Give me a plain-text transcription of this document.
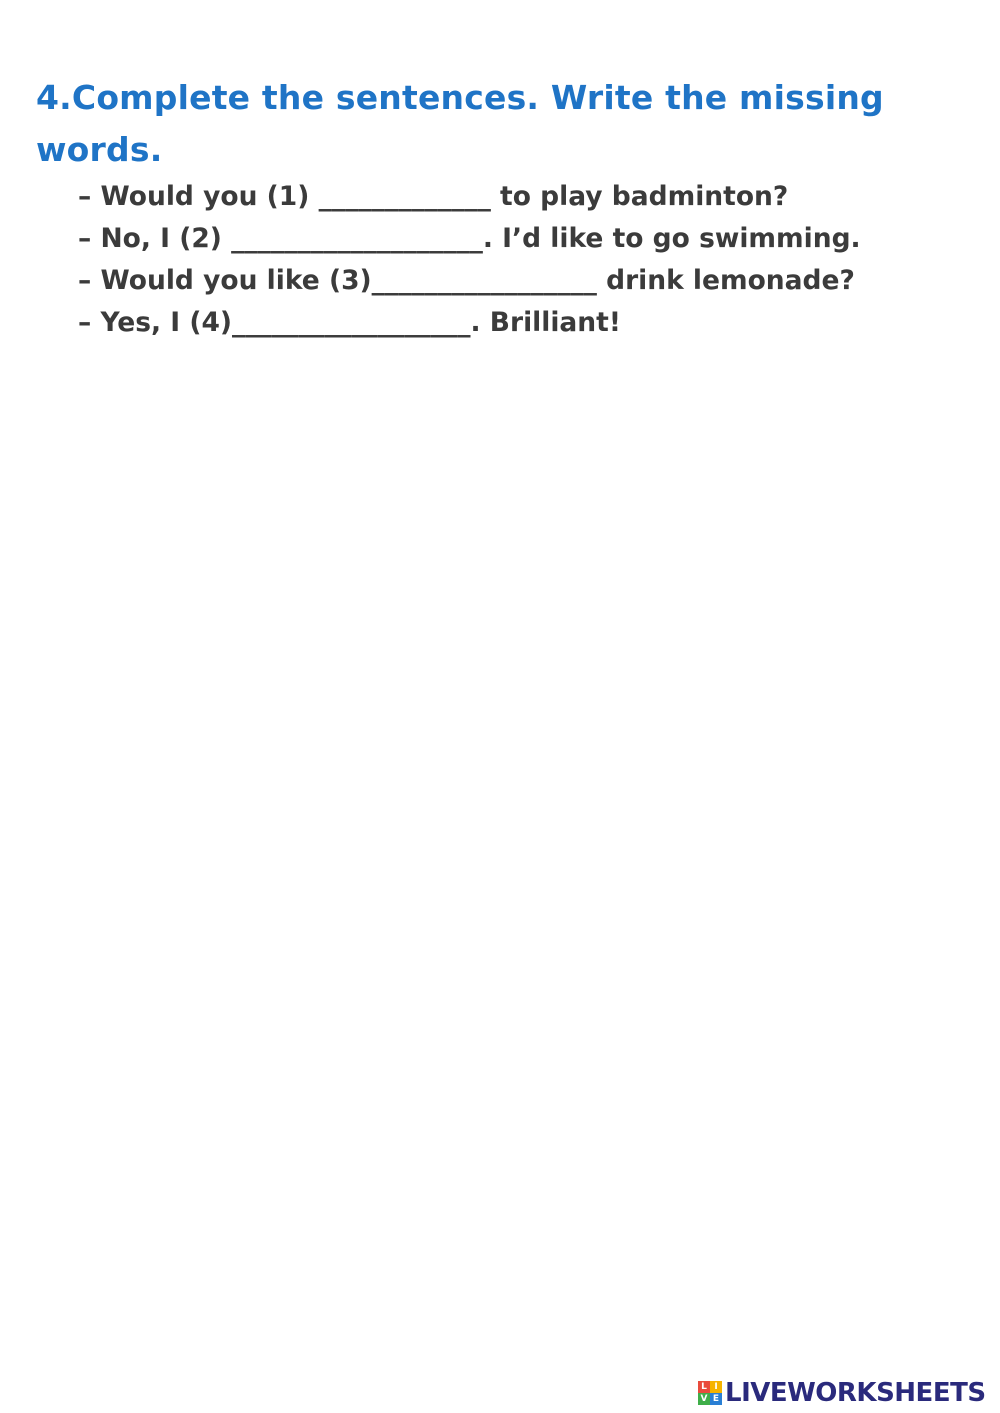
4.Complete the sentences. Write the missing words.
– Would you (1) _____________ to play badminton?
– No, I (2) ___________________. I’d like to go swimming.
– Would you like (3)_________________ drink lemonade?
– Yes, I (4)__________________. Brilliant!
L I
V E LIVEWORKSHEETS
